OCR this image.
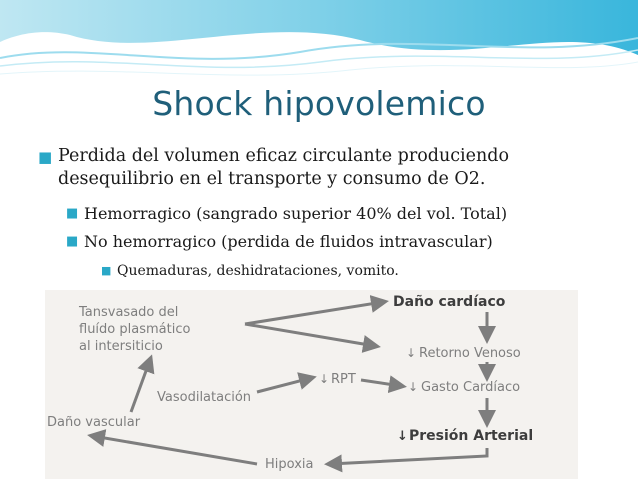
Shock hipovolemico
■ Perdida del volumen eficaz circulante produciendo
desequilibrio en el transporte y consumo de O2.
■ Hemorragico (sangrado superior 40% del vol. Total)
■ No hemorragico (perdida de fluidos intravascular)
■ Quemaduras, deshidrataciones, vomito.
Daño cardíaco
↓ Retorno Venoso
↓ Gasto Cardíaco
↓ Presión Arterial
Hipoxia
Daño vascular
Vasodilatación
↓ RPT
Tansvasado del
fluído plasmático
al intersiticio
